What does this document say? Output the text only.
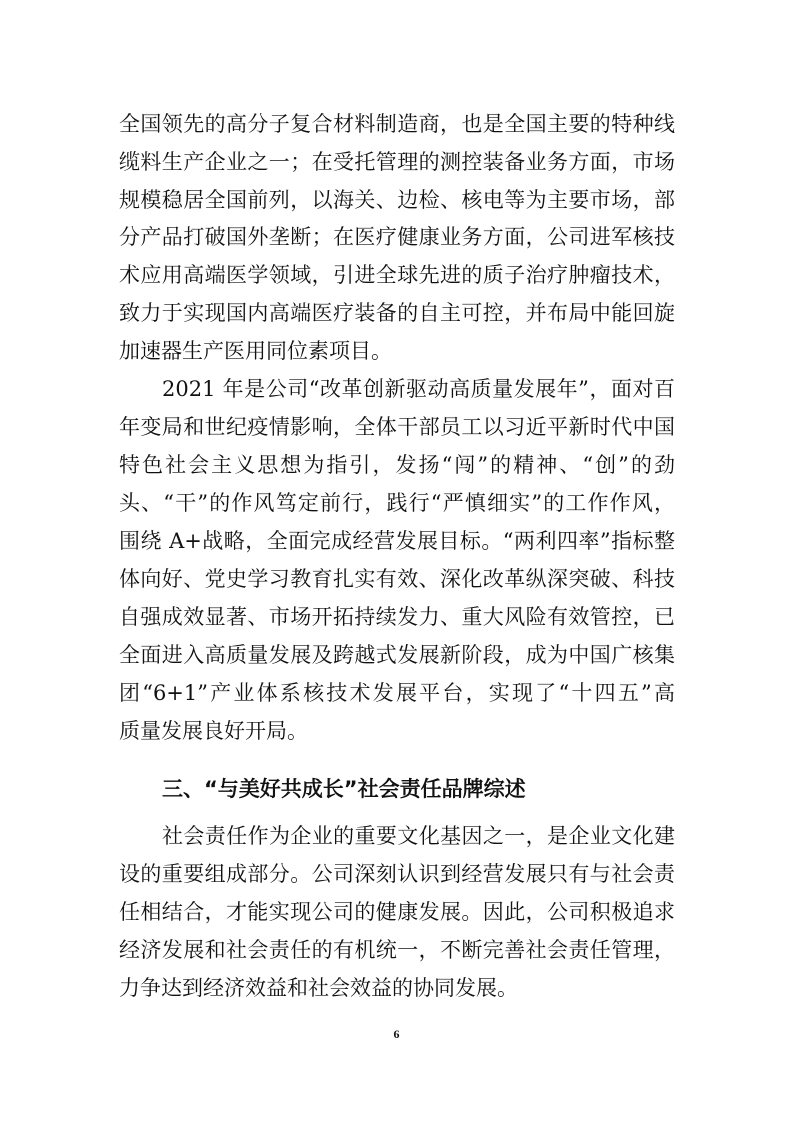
全国领先的高分子复合材料制造商，也是全国主要的特种线
缆料生产企业之一；在受托管理的测控装备业务方面，市场
规模稳居全国前列，以海关、边检、核电等为主要市场，部
分产品打破国外垄断；在医疗健康业务方面，公司进军核技
术应用高端医学领域，引进全球先进的质子治疗肿瘤技术，
致力于实现国内高端医疗装备的自主可控，并布局中能回旋
加速器生产医用同位素项目。
2021 年是公司“改革创新驱动高质量发展年”，面对百
年变局和世纪疫情影响，全体干部员工以习近平新时代中国
特色社会主义思想为指引，发扬“闯”的精神、“创”的劲
头、“干”的作风笃定前行，践行“严慎细实”的工作作风，
围绕 A+战略，全面完成经营发展目标。“两利四率”指标整
体向好、党史学习教育扎实有效、深化改革纵深突破、科技
自强成效显著、市场开拓持续发力、重大风险有效管控，已
全面进入高质量发展及跨越式发展新阶段，成为中国广核集
团“6+1”产业体系核技术发展平台，实现了“十四五”高
质量发展良好开局。
三、“与美好共成长”社会责任品牌综述
社会责任作为企业的重要文化基因之一，是企业文化建
设的重要组成部分。公司深刻认识到经营发展只有与社会责
任相结合，才能实现公司的健康发展。因此，公司积极追求
经济发展和社会责任的有机统一，不断完善社会责任管理，
力争达到经济效益和社会效益的协同发展。
6
